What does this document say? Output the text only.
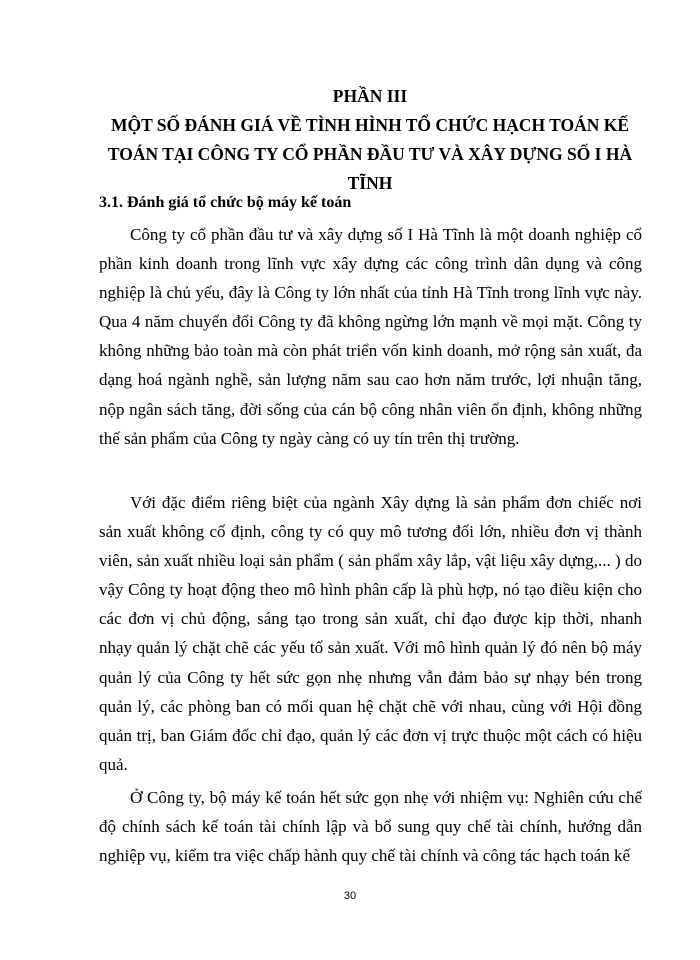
PHẦN III
MỘT SỐ ĐÁNH GIÁ VỀ TÌNH HÌNH TỔ CHỨC HẠCH TOÁN KẾ
TOÁN TẠI CÔNG TY CỔ PHẦN ĐẦU TƯ VÀ XÂY DỰNG SỐ I HÀ
TĨNH
3.1. Đánh giá tổ chức bộ máy kế toán

Công ty cổ phần đầu tư và xây dựng số I Hà Tĩnh là một doanh nghiệp cổ phần kinh doanh trong lĩnh vực xây dựng các công trình dân dụng và công nghiệp là chủ yếu, đây là Công ty lớn nhất của tỉnh Hà Tĩnh trong lĩnh vực này. Qua 4 năm chuyển đổi Công ty đã không ngừng lớn mạnh về mọi mặt. Công ty không những bảo toàn mà còn phát triển vốn kinh doanh, mở rộng sản xuất, đa dạng hoá ngành nghề, sản lượng năm sau cao hơn năm trước, lợi nhuận tăng, nộp ngân sách tăng, đời sống của cán bộ công nhân viên ổn định, không những thế sản phẩm của Công ty ngày càng có uy tín trên thị trường.

Với đặc điểm riêng biệt của ngành Xây dựng là sản phẩm đơn chiếc nơi sản xuất không cố định, công ty có quy mô tương đối lớn, nhiều đơn vị thành viên, sản xuất nhiều loại sản phẩm ( sản phẩm xây lắp, vật liệu xây dựng,... ) do vậy Công ty hoạt động theo mô hình phân cấp là phù hợp, nó tạo điều kiện cho các đơn vị chủ động, sáng tạo trong sản xuất, chỉ đạo được kịp thời, nhanh nhạy quản lý chặt chẽ các yếu tố sản xuất. Với mô hình quản lý đó nên bộ máy quản lý của Công ty hết sức gọn nhẹ nhưng vẫn đảm bảo sự nhạy bén trong quản lý, các phòng ban có mối quan hệ chặt chẽ với nhau, cùng với Hội đồng quản trị, ban Giám đốc chỉ đạo, quản lý các đơn vị trực thuộc một cách có hiệu quả.

Ở Công ty, bộ máy kế toán hết sức gọn nhẹ với nhiệm vụ: Nghiên cứu chế độ chính sách kế toán tài chính lập và bổ sung quy chế tài chính, hướng dẫn nghiệp vụ, kiểm tra việc chấp hành quy chế tài chính và công tác hạch toán kế

30
